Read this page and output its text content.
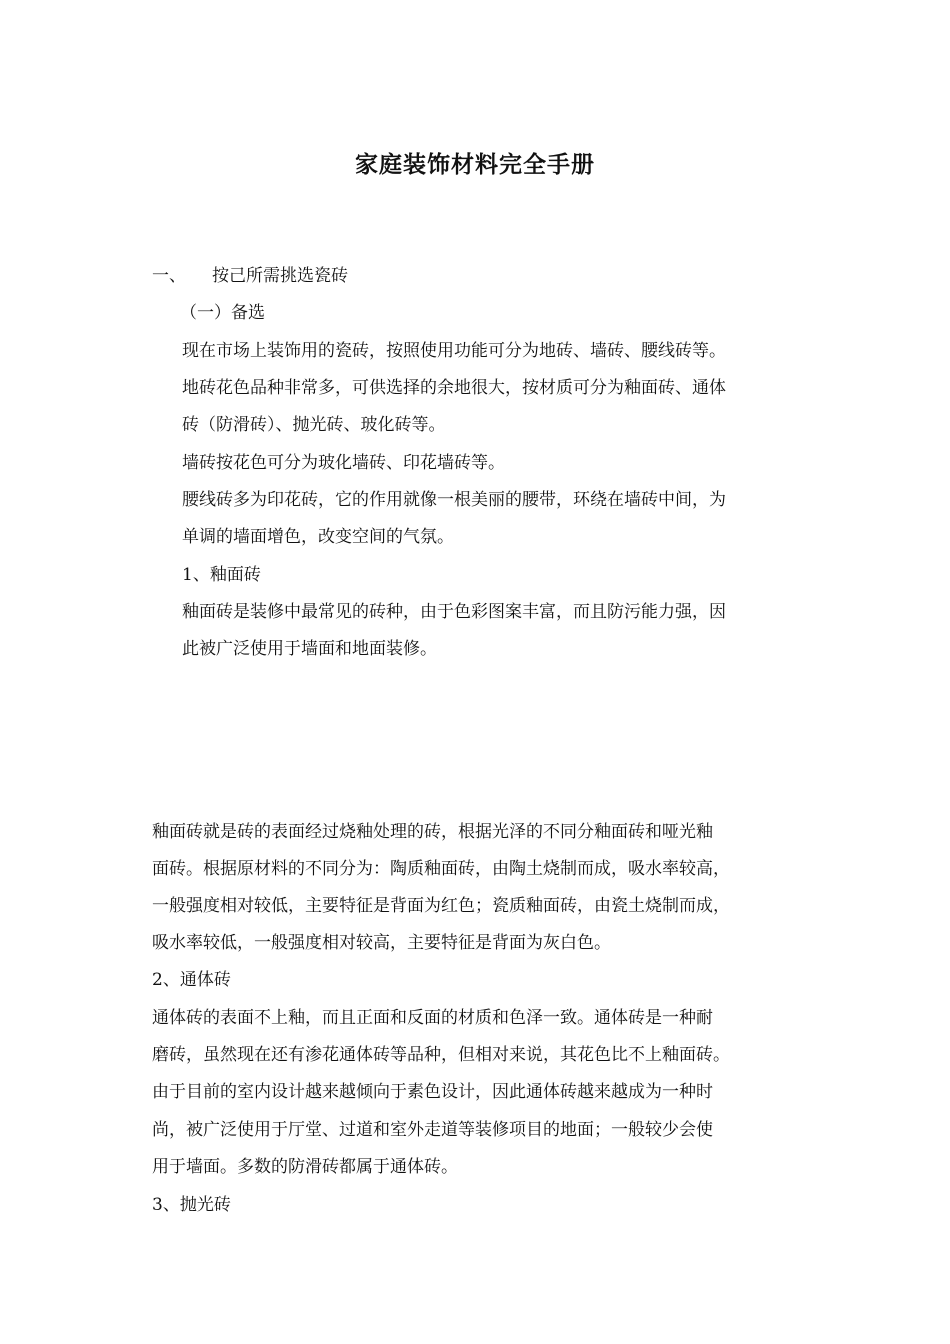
家庭装饰材料完全手册
一、 按己所需挑选瓷砖
（一）备选
现在市场上装饰用的瓷砖，按照使用功能可分为地砖、墙砖、腰线砖等。
地砖花色品种非常多，可供选择的余地很大，按材质可分为釉面砖、通体
砖（防滑砖）、抛光砖、玻化砖等。
墙砖按花色可分为玻化墙砖、印花墙砖等。
腰线砖多为印花砖，它的作用就像一根美丽的腰带，环绕在墙砖中间，为
单调的墙面增色，改变空间的气氛。
1、釉面砖
釉面砖是装修中最常见的砖种，由于色彩图案丰富，而且防污能力强，因
此被广泛使用于墙面和地面装修。
釉面砖就是砖的表面经过烧釉处理的砖，根据光泽的不同分釉面砖和哑光釉
面砖。根据原材料的不同分为：陶质釉面砖，由陶土烧制而成，吸水率较高，
一般强度相对较低，主要特征是背面为红色；瓷质釉面砖，由瓷土烧制而成，
吸水率较低，一般强度相对较高，主要特征是背面为灰白色。
2、通体砖
通体砖的表面不上釉，而且正面和反面的材质和色泽一致。通体砖是一种耐
磨砖，虽然现在还有渗花通体砖等品种，但相对来说，其花色比不上釉面砖。
由于目前的室内设计越来越倾向于素色设计，因此通体砖越来越成为一种时
尚，被广泛使用于厅堂、过道和室外走道等装修项目的地面；一般较少会使
用于墙面。多数的防滑砖都属于通体砖。
3、抛光砖
